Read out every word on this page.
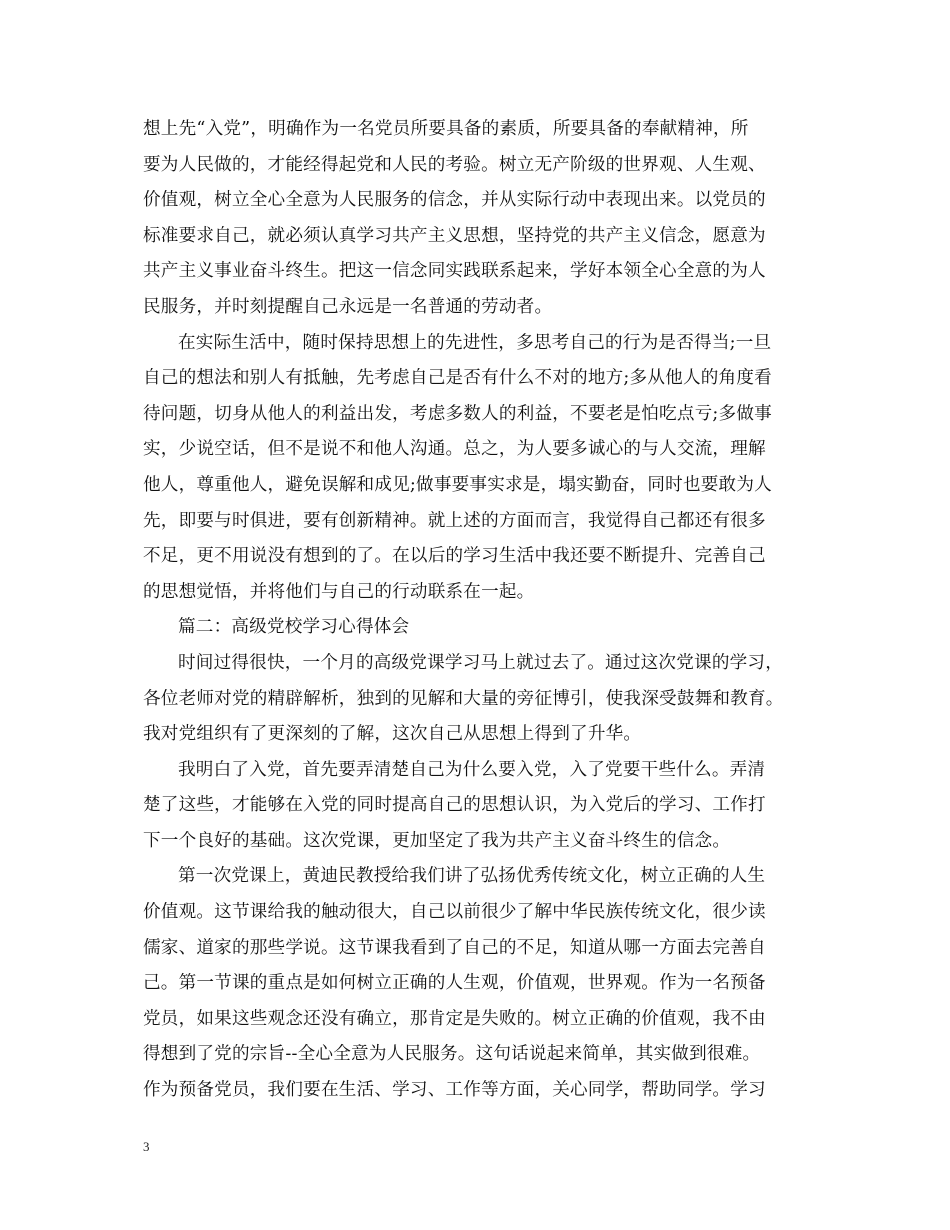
想上先“入党”，明确作为一名党员所要具备的素质，所要具备的奉献精神，所
要为人民做的，才能经得起党和人民的考验。树立无产阶级的世界观、人生观、
价值观，树立全心全意为人民服务的信念，并从实际行动中表现出来。以党员的
标准要求自己，就必须认真学习共产主义思想，坚持党的共产主义信念，愿意为
共产主义事业奋斗终生。把这一信念同实践联系起来，学好本领全心全意的为人
民服务，并时刻提醒自己永远是一名普通的劳动者。
在实际生活中，随时保持思想上的先进性，多思考自己的行为是否得当;一旦
自己的想法和别人有抵触，先考虑自己是否有什么不对的地方;多从他人的角度看
待问题，切身从他人的利益出发，考虑多数人的利益，不要老是怕吃点亏;多做事
实，少说空话，但不是说不和他人沟通。总之，为人要多诚心的与人交流，理解
他人，尊重他人，避免误解和成见;做事要事实求是，塌实勤奋，同时也要敢为人
先，即要与时俱进，要有创新精神。就上述的方面而言，我觉得自己都还有很多
不足，更不用说没有想到的了。在以后的学习生活中我还要不断提升、完善自己
的思想觉悟，并将他们与自己的行动联系在一起。
篇二：高级党校学习心得体会
时间过得很快，一个月的高级党课学习马上就过去了。通过这次党课的学习，
各位老师对党的精辟解析，独到的见解和大量的旁征博引，使我深受鼓舞和教育。
我对党组织有了更深刻的了解，这次自己从思想上得到了升华。
我明白了入党，首先要弄清楚自己为什么要入党，入了党要干些什么。弄清
楚了这些，才能够在入党的同时提高自己的思想认识，为入党后的学习、工作打
下一个良好的基础。这次党课，更加坚定了我为共产主义奋斗终生的信念。
第一次党课上，黄迪民教授给我们讲了弘扬优秀传统文化，树立正确的人生
价值观。这节课给我的触动很大，自己以前很少了解中华民族传统文化，很少读
儒家、道家的那些学说。这节课我看到了自己的不足，知道从哪一方面去完善自
己。第一节课的重点是如何树立正确的人生观，价值观，世界观。作为一名预备
党员，如果这些观念还没有确立，那肯定是失败的。树立正确的价值观，我不由
得想到了党的宗旨--全心全意为人民服务。这句话说起来简单，其实做到很难。
作为预备党员，我们要在生活、学习、工作等方面，关心同学，帮助同学。学习
3
